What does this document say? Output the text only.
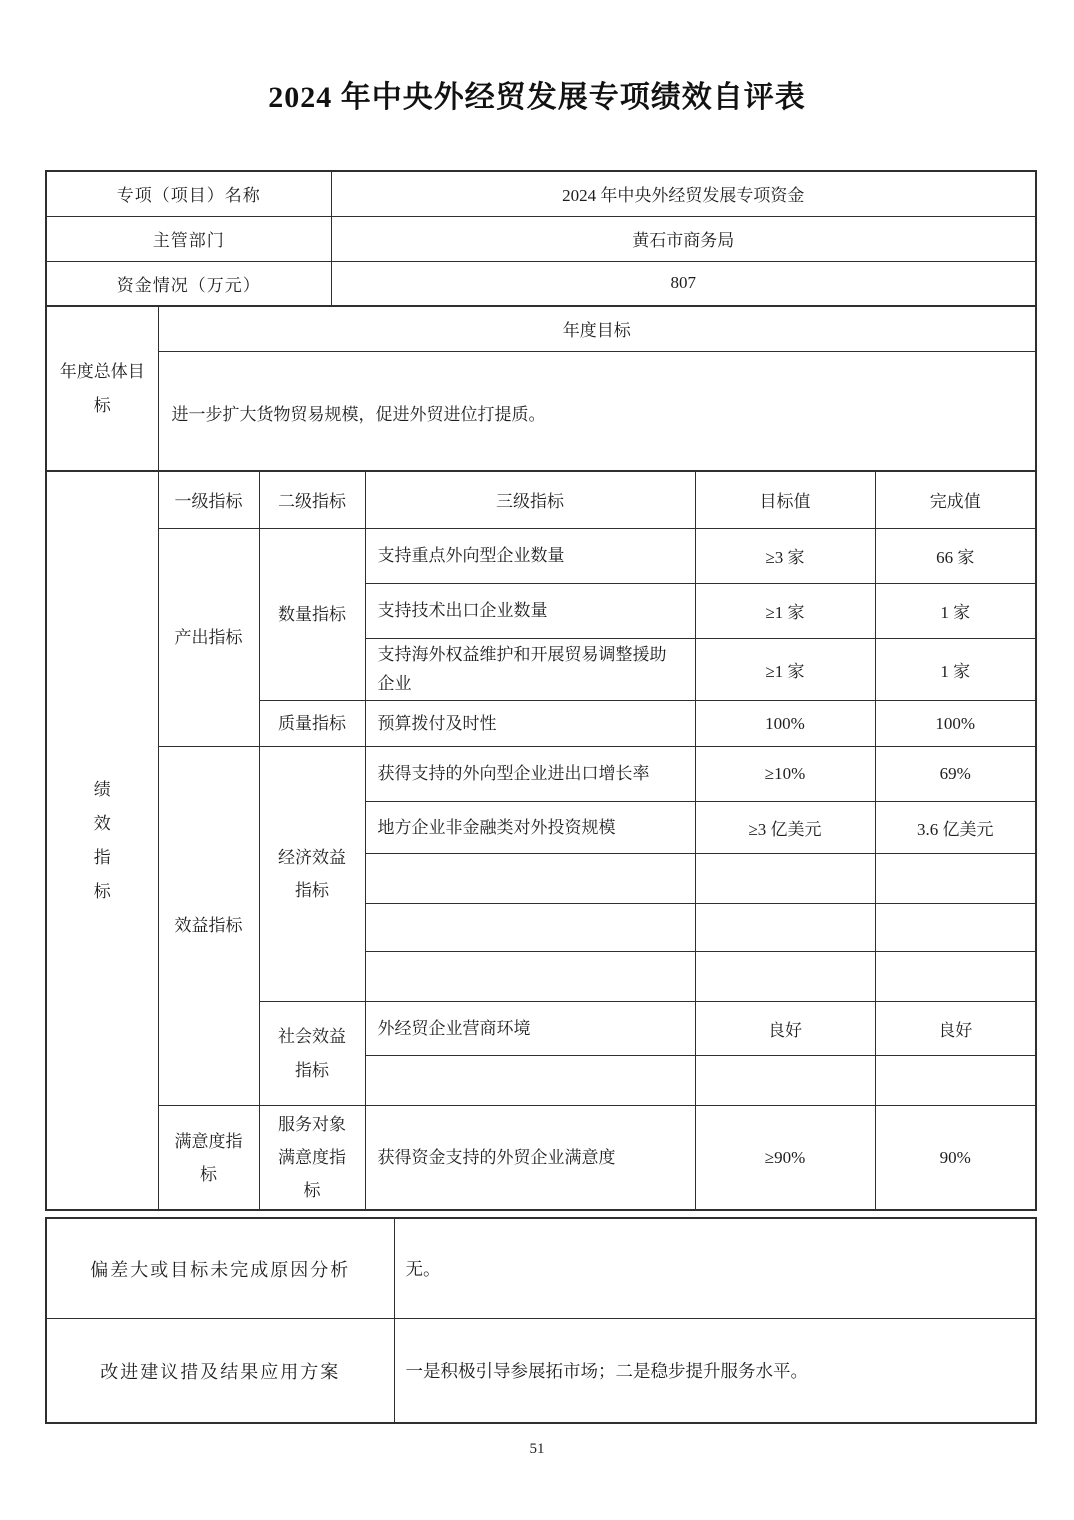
2024 年中央外经贸发展专项绩效自评表
专项（项目）名称	2024 年中央外经贸发展专项资金
主管部门	黄石市商务局
资金情况（万元）	807
年度总体目标	年度目标
进一步扩大货物贸易规模，促进外贸进位打提质。
绩效指标	一级指标	二级指标	三级指标	目标值	完成值
	产出指标	数量指标	支持重点外向型企业数量	≥3 家	66 家
			支持技术出口企业数量	≥1 家	1 家
			支持海外权益维护和开展贸易调整援助企业	≥1 家	1 家
		质量指标	预算拨付及时性	100%	100%
	效益指标	经济效益指标	获得支持的外向型企业进出口增长率	≥10%	69%
			地方企业非金融类对外投资规模	≥3 亿美元	3.6 亿美元

		社会效益指标	外经贸企业营商环境	良好	良好

	满意度指标	服务对象满意度指标	获得资金支持的外贸企业满意度	≥90%	90%
偏差大或目标未完成原因分析	无。
改进建议措及结果应用方案	一是积极引导参展拓市场；二是稳步提升服务水平。
51
